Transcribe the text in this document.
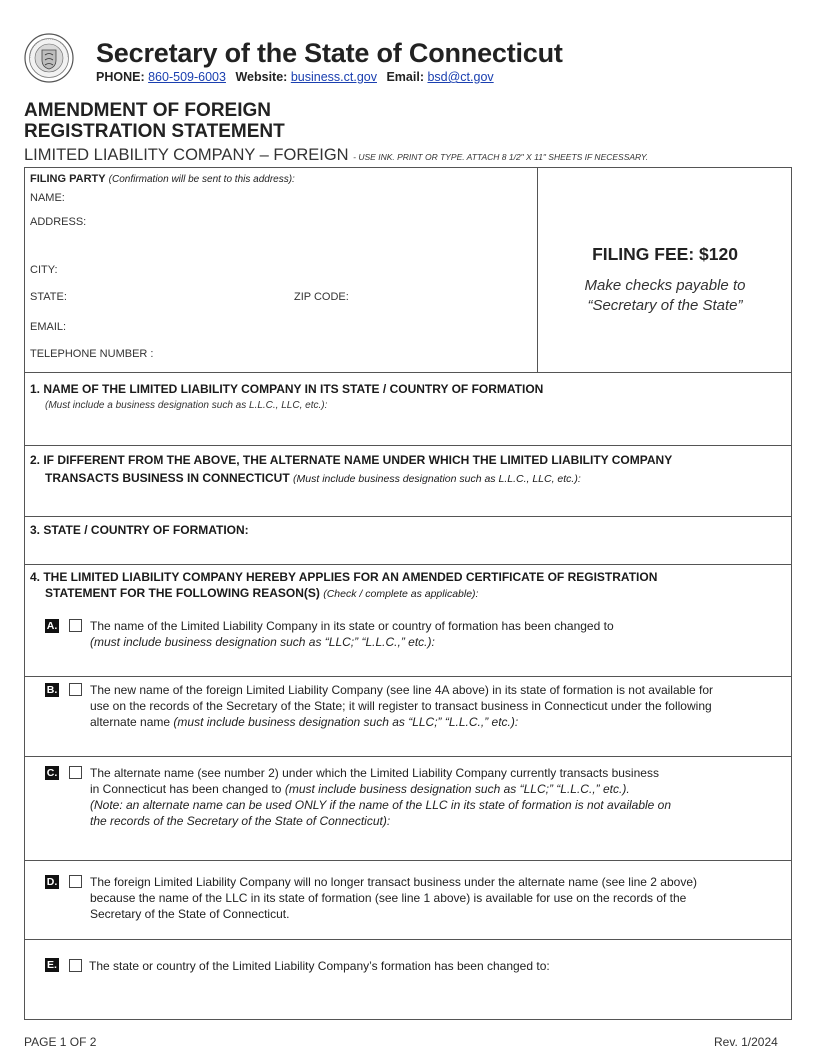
Secretary of the State of Connecticut
PHONE: 860-509-6003 Website: business.ct.gov Email: bsd@ct.gov
AMENDMENT OF FOREIGN
REGISTRATION STATEMENT
LIMITED LIABILITY COMPANY – FOREIGN - USE INK. PRINT OR TYPE. ATTACH 8 1/2" X 11" SHEETS IF NECESSARY.
FILING PARTY (Confirmation will be sent to this address):
NAME:
ADDRESS:
CITY:
STATE:	ZIP CODE:
EMAIL:
TELEPHONE NUMBER :
FILING FEE: $120
Make checks payable to
“Secretary of the State”
1. NAME OF THE LIMITED LIABILITY COMPANY IN ITS STATE / COUNTRY OF FORMATION
(Must include a business designation such as L.L.C., LLC, etc.):
2. IF DIFFERENT FROM THE ABOVE, THE ALTERNATE NAME UNDER WHICH THE LIMITED LIABILITY COMPANY
TRANSACTS BUSINESS IN CONNECTICUT (Must include business designation such as L.L.C., LLC, etc.):
3. STATE / COUNTRY OF FORMATION:
4. THE LIMITED LIABILITY COMPANY HEREBY APPLIES FOR AN AMENDED CERTIFICATE OF REGISTRATION
STATEMENT FOR THE FOLLOWING REASON(S) (Check / complete as applicable):
A.	The name of the Limited Liability Company in its state or country of formation has been changed to
(must include business designation such as “LLC;” “L.L.C.,” etc.):
B.	The new name of the foreign Limited Liability Company (see line 4A above) in its state of formation is not available for
use on the records of the Secretary of the State; it will register to transact business in Connecticut under the following
alternate name (must include business designation such as “LLC;” “L.L.C.,” etc.):
C.	The alternate name (see number 2) under which the Limited Liability Company currently transacts business
in Connecticut has been changed to (must include business designation such as “LLC;” “L.L.C.,” etc.).
(Note: an alternate name can be used ONLY if the name of the LLC in its state of formation is not available on
the records of the Secretary of the State of Connecticut):
D.	The foreign Limited Liability Company will no longer transact business under the alternate name (see line 2 above)
because the name of the LLC in its state of formation (see line 1 above) is available for use on the records of the
Secretary of the State of Connecticut.
E.	The state or country of the Limited Liability Company’s formation has been changed to:
PAGE 1 OF 2	Rev. 1/2024
